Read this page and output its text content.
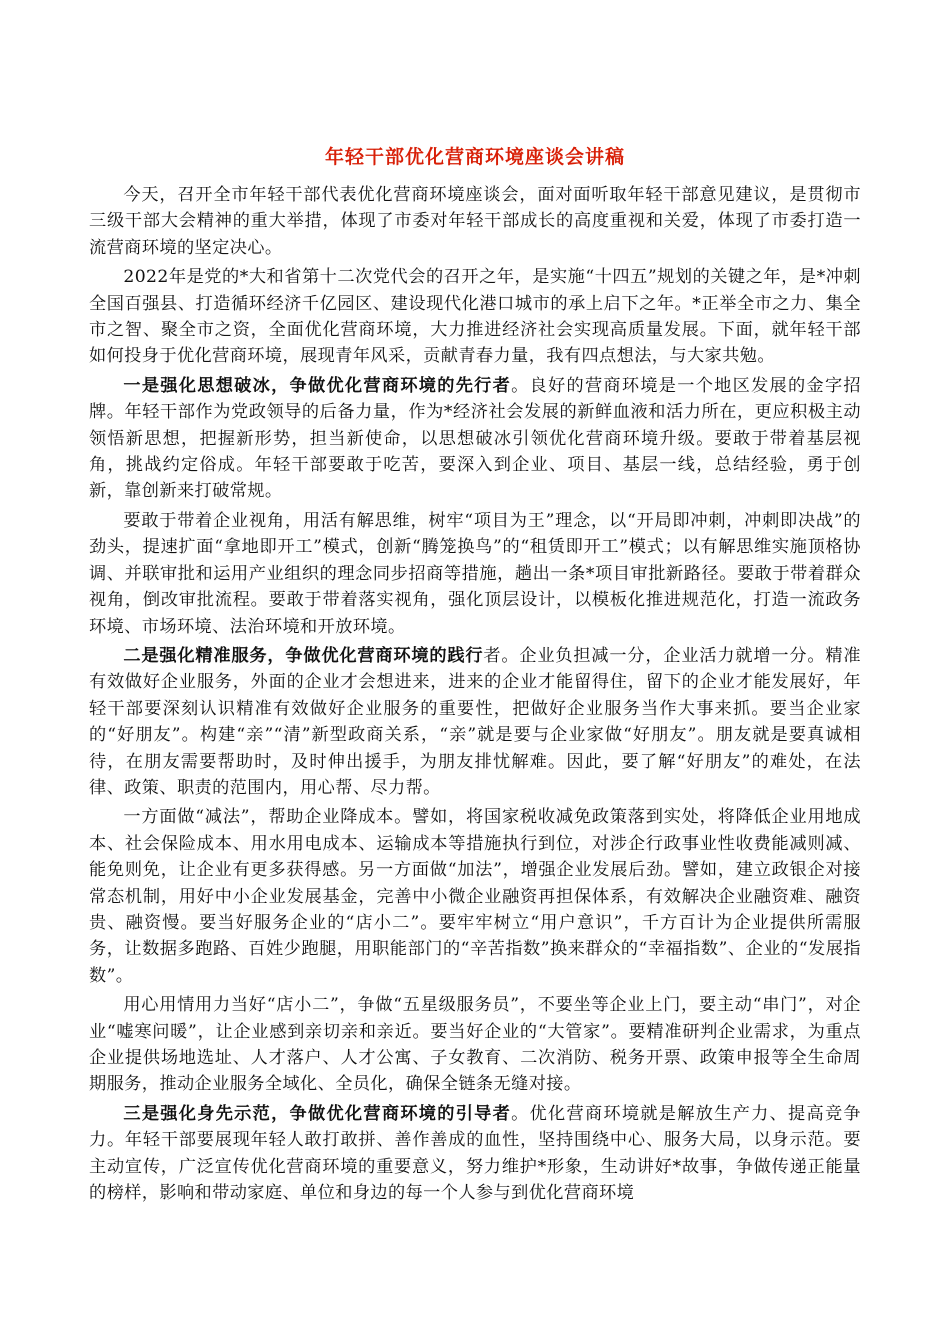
年轻干部优化营商环境座谈会讲稿

今天，召开全市年轻干部代表优化营商环境座谈会，面对面听取年轻干部意见建议，是贯彻市三级干部大会精神的重大举措，体现了市委对年轻干部成长的高度重视和关爱，体现了市委打造一流营商环境的坚定决心。

2022年是党的*大和省第十二次党代会的召开之年，是实施“十四五”规划的关键之年，是*冲刺全国百强县、打造循环经济千亿园区、建设现代化港口城市的承上启下之年。*正举全市之力、集全市之智、聚全市之资，全面优化营商环境，大力推进经济社会实现高质量发展。下面，就年轻干部如何投身于优化营商环境，展现青年风采，贡献青春力量，我有四点想法，与大家共勉。

一是强化思想破冰，争做优化营商环境的先行者。良好的营商环境是一个地区发展的金字招牌。年轻干部作为党政领导的后备力量，作为*经济社会发展的新鲜血液和活力所在，更应积极主动领悟新思想，把握新形势，担当新使命，以思想破冰引领优化营商环境升级。要敢于带着基层视角，挑战约定俗成。年轻干部要敢于吃苦，要深入到企业、项目、基层一线，总结经验，勇于创新，靠创新来打破常规。

要敢于带着企业视角，用活有解思维，树牢“项目为王”理念，以“开局即冲刺，冲刺即决战”的劲头，提速扩面“拿地即开工”模式，创新“腾笼换鸟”的“租赁即开工”模式；以有解思维实施顶格协调、并联审批和运用产业组织的理念同步招商等措施，趟出一条*项目审批新路径。要敢于带着群众视角，倒改审批流程。要敢于带着落实视角，强化顶层设计，以模板化推进规范化，打造一流政务环境、市场环境、法治环境和开放环境。

二是强化精准服务，争做优化营商环境的践行者。企业负担减一分，企业活力就增一分。精准有效做好企业服务，外面的企业才会想进来，进来的企业才能留得住，留下的企业才能发展好，年轻干部要深刻认识精准有效做好企业服务的重要性，把做好企业服务当作大事来抓。要当企业家的“好朋友”。构建“亲”“清”新型政商关系，“亲”就是要与企业家做“好朋友”。朋友就是要真诚相待，在朋友需要帮助时，及时伸出援手，为朋友排忧解难。因此，要了解“好朋友”的难处，在法律、政策、职责的范围内，用心帮、尽力帮。

一方面做“减法”，帮助企业降成本。譬如，将国家税收减免政策落到实处，将降低企业用地成本、社会保险成本、用水用电成本、运输成本等措施执行到位，对涉企行政事业性收费能减则减、能免则免，让企业有更多获得感。另一方面做“加法”，增强企业发展后劲。譬如，建立政银企对接常态机制，用好中小企业发展基金，完善中小微企业融资再担保体系，有效解决企业融资难、融资贵、融资慢。要当好服务企业的“店小二”。要牢牢树立“用户意识”，千方百计为企业提供所需服务，让数据多跑路、百姓少跑腿，用职能部门的“辛苦指数”换来群众的“幸福指数”、企业的“发展指数”。

用心用情用力当好“店小二”，争做“五星级服务员”，不要坐等企业上门，要主动“串门”，对企业“嘘寒问暖”，让企业感到亲切亲和亲近。要当好企业的“大管家”。要精准研判企业需求，为重点企业提供场地选址、人才落户、人才公寓、子女教育、二次消防、税务开票、政策申报等全生命周期服务，推动企业服务全域化、全员化，确保全链条无缝对接。

三是强化身先示范，争做优化营商环境的引导者。优化营商环境就是解放生产力、提高竞争力。年轻干部要展现年轻人敢打敢拼、善作善成的血性，坚持围绕中心、服务大局，以身示范。要主动宣传，广泛宣传优化营商环境的重要意义，努力维护*形象，生动讲好*故事，争做传递正能量的榜样，影响和带动家庭、单位和身边的每一个人参与到优化营商环境
